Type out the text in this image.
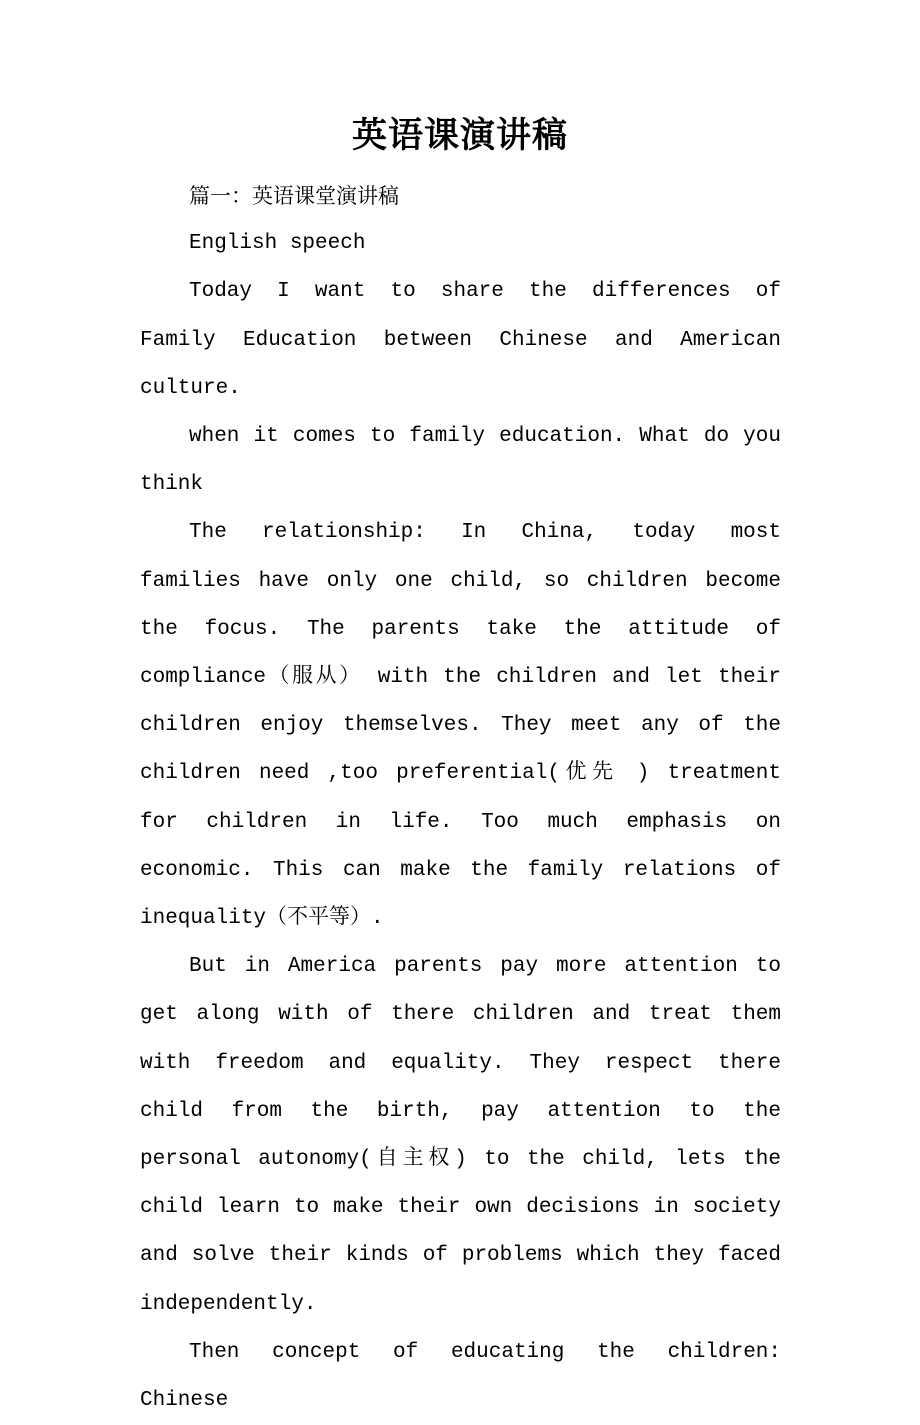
英语课演讲稿

篇一：英语课堂演讲稿

English speech

Today I want to share the differences of Family Education between Chinese and American culture.

when it comes to family education. What do you think

The relationship: In China, today most families have only one child, so children become the focus. The parents take the attitude of compliance（服从） with the children and let their children enjoy themselves. They meet any of the children need ,too preferential(优先 ) treatment for children in life. Too much emphasis on economic. This can make the family relations of inequality（不平等）.

But in America parents pay more attention to get along with of there children and treat them with freedom and equality. They respect there child from the birth, pay attention to the personal autonomy(自主权) to the child, lets the child learn to make their own decisions in society and solve their kinds of problems which they faced independently.

Then concept of educating the children: Chinese
